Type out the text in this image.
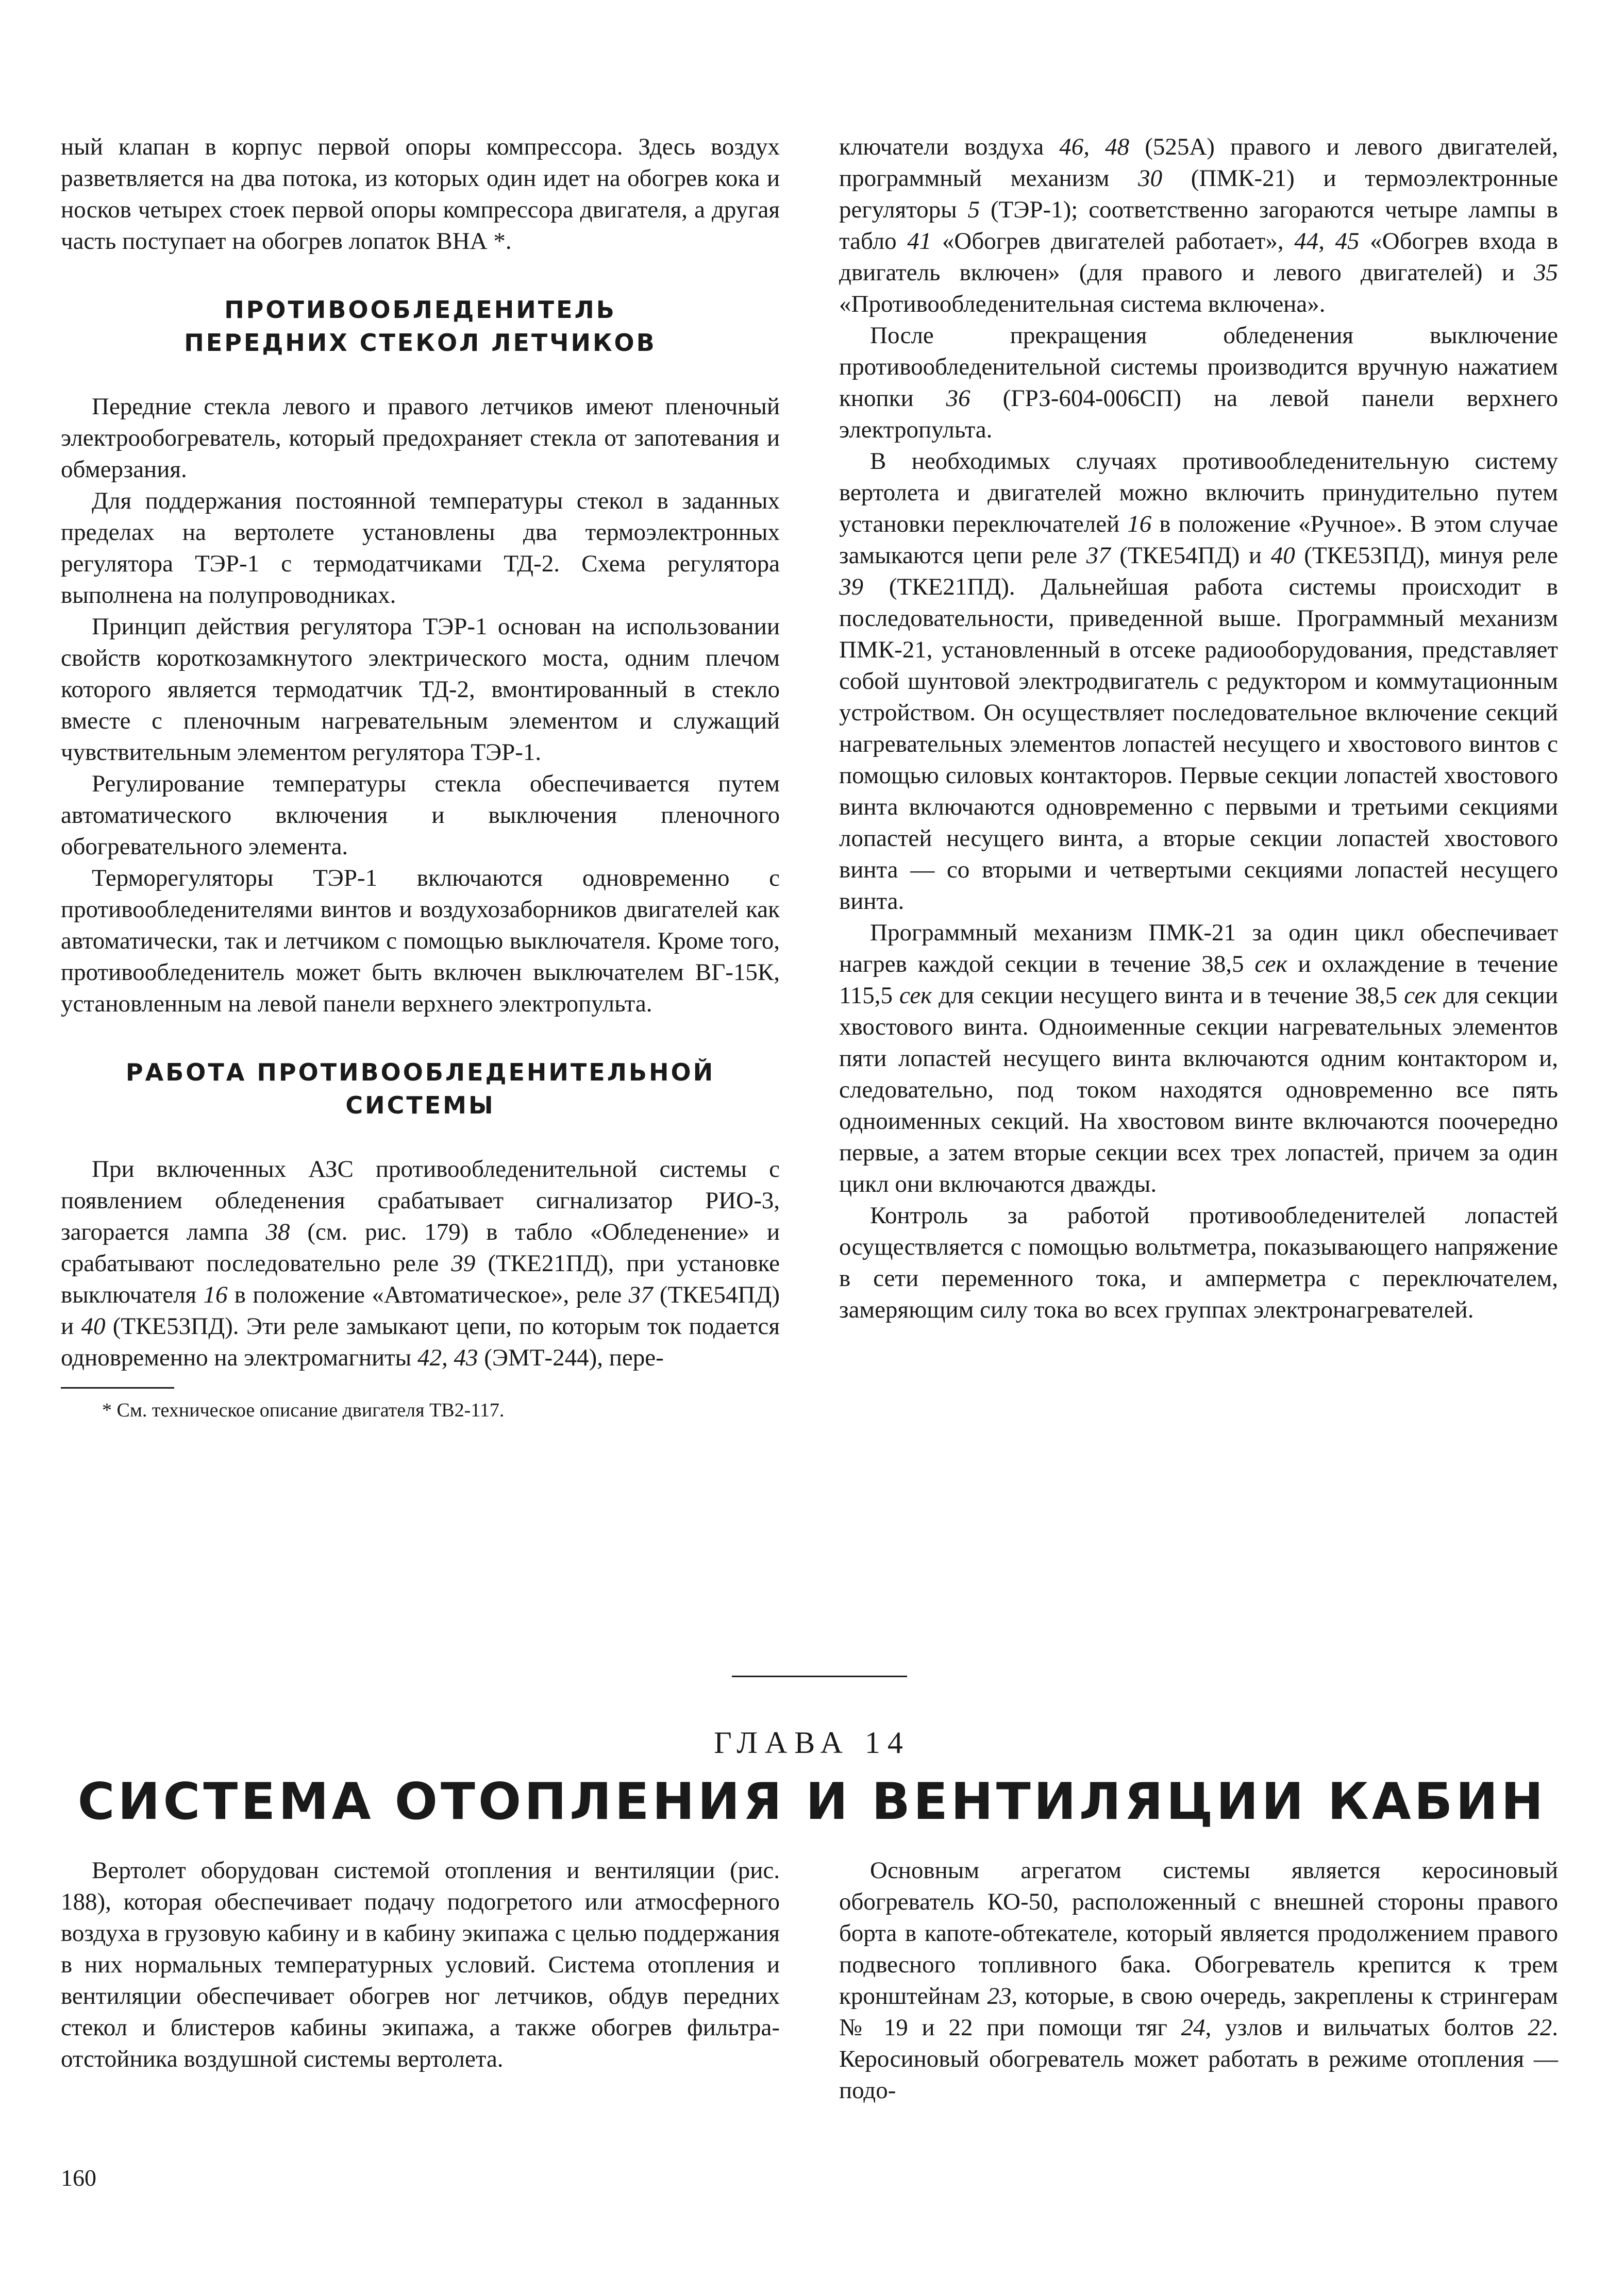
ный клапан в корпус первой опоры компрессора. Здесь воздух разветвляется на два потока, из которых один идет на обогрев кока и носков четырех стоек первой опоры компрессора двигателя, а другая часть поступает на обогрев лопаток ВНА *.

ПРОТИВООБЛЕДЕНИТЕЛЬ
ПЕРЕДНИХ СТЕКОЛ ЛЕТЧИКОВ

Передние стекла левого и правого летчиков имеют пленочный электрообогреватель, который предохраняет стекла от запотевания и обмерзания.

Для поддержания постоянной температуры стекол в заданных пределах на вертолете установлены два термоэлектронных регулятора ТЭР-1 с термодатчиками ТД-2. Схема регулятора выполнена на полупроводниках.

Принцип действия регулятора ТЭР-1 основан на использовании свойств короткозамкнутого электрического моста, одним плечом которого является термодатчик ТД-2, вмонтированный в стекло вместе с пленочным нагревательным элементом и служащий чувствительным элементом регулятора ТЭР-1.

Регулирование температуры стекла обеспечивается путем автоматического включения и выключения пленочного обогревательного элемента.

Терморегуляторы ТЭР-1 включаются одновременно с противообледенителями винтов и воздухозаборников двигателей как автоматически, так и летчиком с помощью выключателя. Кроме того, противообледенитель может быть включен выключателем ВГ-15К, установленным на левой панели верхнего электропульта.

РАБОТА ПРОТИВООБЛЕДЕНИТЕЛЬНОЙ
СИСТЕМЫ

При включенных АЗС противообледенительной системы с появлением обледенения срабатывает сигнализатор РИО-3, загорается лампа 38 (см. рис. 179) в табло «Обледенение» и срабатывают последовательно реле 39 (ТКЕ21ПД), при установке выключателя 16 в положение «Автоматическое», реле 37 (ТКЕ54ПД) и 40 (ТКЕ53ПД). Эти реле замыкают цепи, по которым ток подается одновременно на электромагниты 42, 43 (ЭМТ-244), пере-

* См. техническое описание двигателя ТВ2-117.

ключатели воздуха 46, 48 (525А) правого и левого двигателей, программный механизм 30 (ПМК-21) и термоэлектронные регуляторы 5 (ТЭР-1); соответственно загораются четыре лампы в табло 41 «Обогрев двигателей работает», 44, 45 «Обогрев входа в двигатель включен» (для правого и левого двигателей) и 35 «Противообледенительная система включена».

После прекращения обледенения выключение противообледенительной системы производится вручную нажатием кнопки 36 (ГРЗ-604-006СП) на левой панели верхнего электропульта.

В необходимых случаях противообледенительную систему вертолета и двигателей можно включить принудительно путем установки переключателей 16 в положение «Ручное». В этом случае замыкаются цепи реле 37 (ТКЕ54ПД) и 40 (ТКЕ53ПД), минуя реле 39 (ТКЕ21ПД). Дальнейшая работа системы происходит в последовательности, приведенной выше. Программный механизм ПМК-21, установленный в отсеке радиооборудования, представляет собой шунтовой электродвигатель с редуктором и коммутационным устройством. Он осуществляет последовательное включение секций нагревательных элементов лопастей несущего и хвостового винтов с помощью силовых контакторов. Первые секции лопастей хвостового винта включаются одновременно с первыми и третьими секциями лопастей несущего винта, а вторые секции лопастей хвостового винта — со вторыми и четвертыми секциями лопастей несущего винта.

Программный механизм ПМК-21 за один цикл обеспечивает нагрев каждой секции в течение 38,5 сек и охлаждение в течение 115,5 сек для секции несущего винта и в течение 38,5 сек для секции хвостового винта. Одноименные секции нагревательных элементов пяти лопастей несущего винта включаются одним контактором и, следовательно, под током находятся одновременно все пять одноименных секций. На хвостовом винте включаются поочередно первые, а затем вторые секции всех трех лопастей, причем за один цикл они включаются дважды.

Контроль за работой противообледенителей лопастей осуществляется с помощью вольтметра, показывающего напряжение в сети переменного тока, и амперметра с переключателем, замеряющим силу тока во всех группах электронагревателей.

ГЛАВА 14
СИСТЕМА ОТОПЛЕНИЯ И ВЕНТИЛЯЦИИ КАБИН

Вертолет оборудован системой отопления и вентиляции (рис. 188), которая обеспечивает подачу подогретого или атмосферного воздуха в грузовую кабину и в кабину экипажа с целью поддержания в них нормальных температурных условий. Система отопления и вентиляции обеспечивает обогрев ног летчиков, обдув передних стекол и блистеров кабины экипажа, а также обогрев фильтра-отстойника воздушной системы вертолета.

Основным агрегатом системы является керосиновый обогреватель КО-50, расположенный с внешней стороны правого борта в капоте-обтекателе, который является продолжением правого подвесного топливного бака. Обогреватель крепится к трем кронштейнам 23, которые, в свою очередь, закреплены к стрингерам № 19 и 22 при помощи тяг 24, узлов и вильчатых болтов 22. Керосиновый обогреватель может работать в режиме отопления — подо-

160
